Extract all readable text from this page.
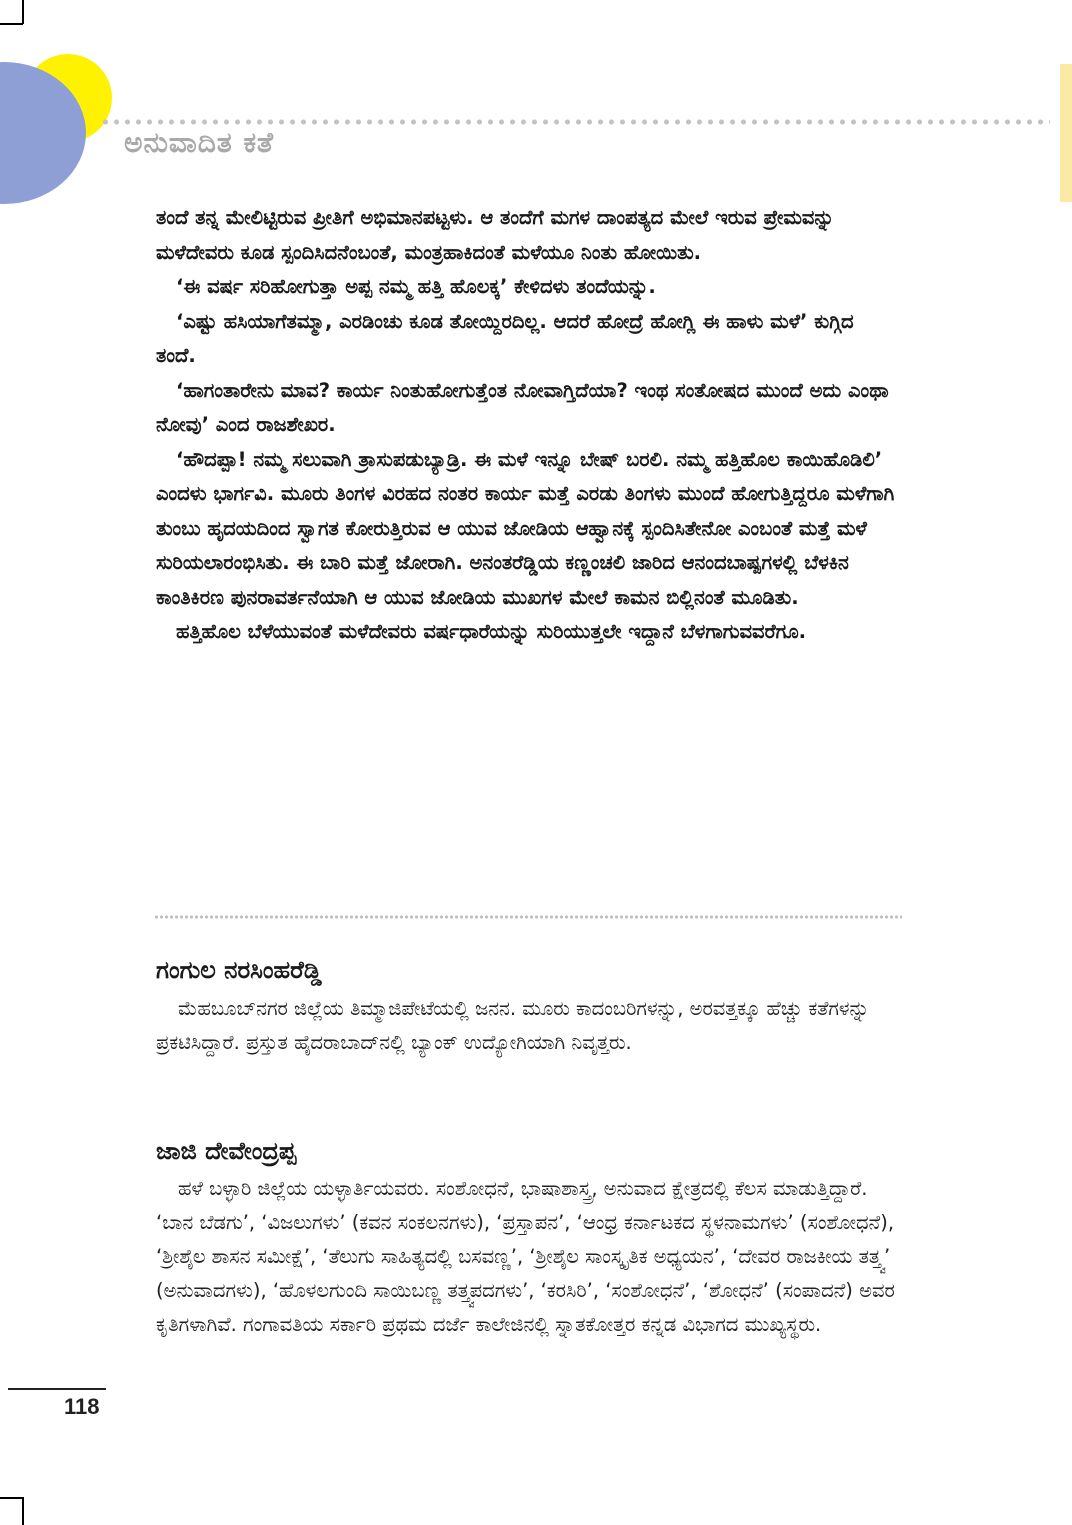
ಅನುವಾದಿತ ಕತೆ

ತಂದೆ ತನ್ನ ಮೇಲಿಟ್ಟಿರುವ ಪ್ರೀತಿಗೆ ಅಭಿಮಾನಪಟ್ಟಳು. ಆ ತಂದೆಗೆ ಮಗಳ ದಾಂಪತ್ಯದ ಮೇಲೆ ಇರುವ ಪ್ರೇಮವನ್ನು ಮಳೆದೇವರು ಕೂಡ ಸ್ಪಂದಿಸಿದನೆಂಬಂತೆ, ಮಂತ್ರಹಾಕಿದಂತೆ ಮಳೆಯೂ ನಿಂತು ಹೋಯಿತು.

‘ಈ ವರ್ಷ ಸರಿಹೋಗುತ್ತಾ ಅಪ್ಪ ನಮ್ಮ ಹತ್ತಿ ಹೊಲಕ್ಕ’ ಕೇಳಿದಳು ತಂದೆಯನ್ನು.

‘ಎಷ್ಟು ಹಸಿಯಾಗೆತಮ್ಮಾ, ಎರಡಿಂಚು ಕೂಡ ತೋಯ್ದಿರದಿಲ್ಲ. ಆದರೆ ಹೋದ್ರೆ ಹೋಗ್ಲಿ ಈ ಹಾಳು ಮಳೆ’ ಕುಗ್ಗಿದ ತಂದೆ.

‘ಹಾಗಂತಾರೇನು ಮಾವ? ಕಾರ್ಯ ನಿಂತುಹೋಗುತ್ತೆಂತ ನೋವಾಗ್ತಿದೆಯಾ? ಇಂಥ ಸಂತೋಷದ ಮುಂದೆ ಅದು ಎಂಥಾ ನೋವು’ ಎಂದ ರಾಜಶೇಖರ.

‘ಹೌದಪ್ಪಾ! ನಮ್ಮ ಸಲುವಾಗಿ ತ್ರಾಸುಪಡುಬ್ಯಾಡ್ರಿ. ಈ ಮಳೆ ಇನ್ನೂ ಬೇಷ್ ಬರಲಿ. ನಮ್ಮ ಹತ್ತಿಹೊಲ ಕಾಯಿಹೊಡಿಲಿ’ ಎಂದಳು ಭಾರ್ಗವಿ. ಮೂರು ತಿಂಗಳ ವಿರಹದ ನಂತರ ಕಾರ್ಯ ಮತ್ತೆ ಎರಡು ತಿಂಗಳು ಮುಂದೆ ಹೋಗುತ್ತಿದ್ದರೂ ಮಳೆಗಾಗಿ ತುಂಬು ಹೃದಯದಿಂದ ಸ್ವಾಗತ ಕೋರುತ್ತಿರುವ ಆ ಯುವ ಜೋಡಿಯ ಆಹ್ವಾನಕ್ಕೆ ಸ್ಪಂದಿಸಿತೇನೋ ಎಂಬಂತೆ ಮತ್ತೆ ಮಳೆ ಸುರಿಯಲಾರಂಭಿಸಿತು. ಈ ಬಾರಿ ಮತ್ತೆ ಜೋರಾಗಿ. ಅನಂತರೆಡ್ಡಿಯ ಕಣ್ಣಂಚಲಿ ಜಾರಿದ ಆನಂದಬಾಷ್ಪಗಳಲ್ಲಿ ಬೆಳಕಿನ ಕಾಂತಿಕಿರಣ ಪುನರಾವರ್ತನೆಯಾಗಿ ಆ ಯುವ ಜೋಡಿಯ ಮುಖಗಳ ಮೇಲೆ ಕಾಮನ ಬಿಲ್ಲಿನಂತೆ ಮೂಡಿತು.

ಹತ್ತಿಹೊಲ ಬೆಳೆಯುವಂತೆ ಮಳೆದೇವರು ವರ್ಷಧಾರೆಯನ್ನು ಸುರಿಯುತ್ತಲೇ ಇದ್ದಾನೆ ಬೆಳಗಾಗುವವರೆಗೂ.

ಗಂಗುಲ ನರಸಿಂಹರೆಡ್ಡಿ

ಮೆಹಬೂಬ್‌ನಗರ ಜಿಲ್ಲೆಯ ತಿಮ್ಮಾಜಿಪೇಟೆಯಲ್ಲಿ ಜನನ. ಮೂರು ಕಾದಂಬರಿಗಳನ್ನು, ಅರವತ್ತಕ್ಕೂ ಹೆಚ್ಚು ಕತೆಗಳನ್ನು ಪ್ರಕಟಿಸಿದ್ದಾರೆ. ಪ್ರಸ್ತುತ ಹೈದರಾಬಾದ್‌ನಲ್ಲಿ ಬ್ಯಾಂಕ್ ಉದ್ಯೋಗಿಯಾಗಿ ನಿವೃತ್ತರು.

ಜಾಜಿ ದೇವೇಂದ್ರಪ್ಪ

ಹಳೆ ಬಳ್ಳಾರಿ ಜಿಲ್ಲೆಯ ಯಳ್ಳಾರ್ತಿಯವರು. ಸಂಶೋಧನೆ, ಭಾಷಾಶಾಸ್ತ್ರ, ಅನುವಾದ ಕ್ಷೇತ್ರದಲ್ಲಿ ಕೆಲಸ ಮಾಡುತ್ತಿದ್ದಾರೆ. ‘ಬಾನ ಬೆಡಗು’, ‘ವಿಜಲುಗಳು’ (ಕವನ ಸಂಕಲನಗಳು), ‘ಪ್ರಸ್ತಾಪನ’, ‘ಆಂಧ್ರ ಕರ್ನಾಟಕದ ಸ್ಥಳನಾಮಗಳು’ (ಸಂಶೋಧನೆ), ‘ಶ್ರೀಶೈಲ ಶಾಸನ ಸಮೀಕ್ಷೆ’, ‘ತೆಲುಗು ಸಾಹಿತ್ಯದಲ್ಲಿ ಬಸವಣ್ಣ’, ‘ಶ್ರೀಶೈಲ ಸಾಂಸ್ಕೃತಿಕ ಅಧ್ಯಯನ’, ‘ದೇವರ ರಾಜಕೀಯ ತತ್ತ್ವ’ (ಅನುವಾದಗಳು), ‘ಹೊಳಲಗುಂದಿ ಸಾಯಿಬಣ್ಣ ತತ್ತ್ವಪದಗಳು’, ‘ಕರಸಿರಿ’, ‘ಸಂಶೋಧನೆ’, ‘ಶೋಧನೆ’ (ಸಂಪಾದನೆ) ಅವರ ಕೃತಿಗಳಾಗಿವೆ. ಗಂಗಾವತಿಯ ಸರ್ಕಾರಿ ಪ್ರಥಮ ದರ್ಜೆ ಕಾಲೇಜಿನಲ್ಲಿ ಸ್ನಾತಕೋತ್ತರ ಕನ್ನಡ ವಿಭಾಗದ ಮುಖ್ಯಸ್ಥರು.

118
